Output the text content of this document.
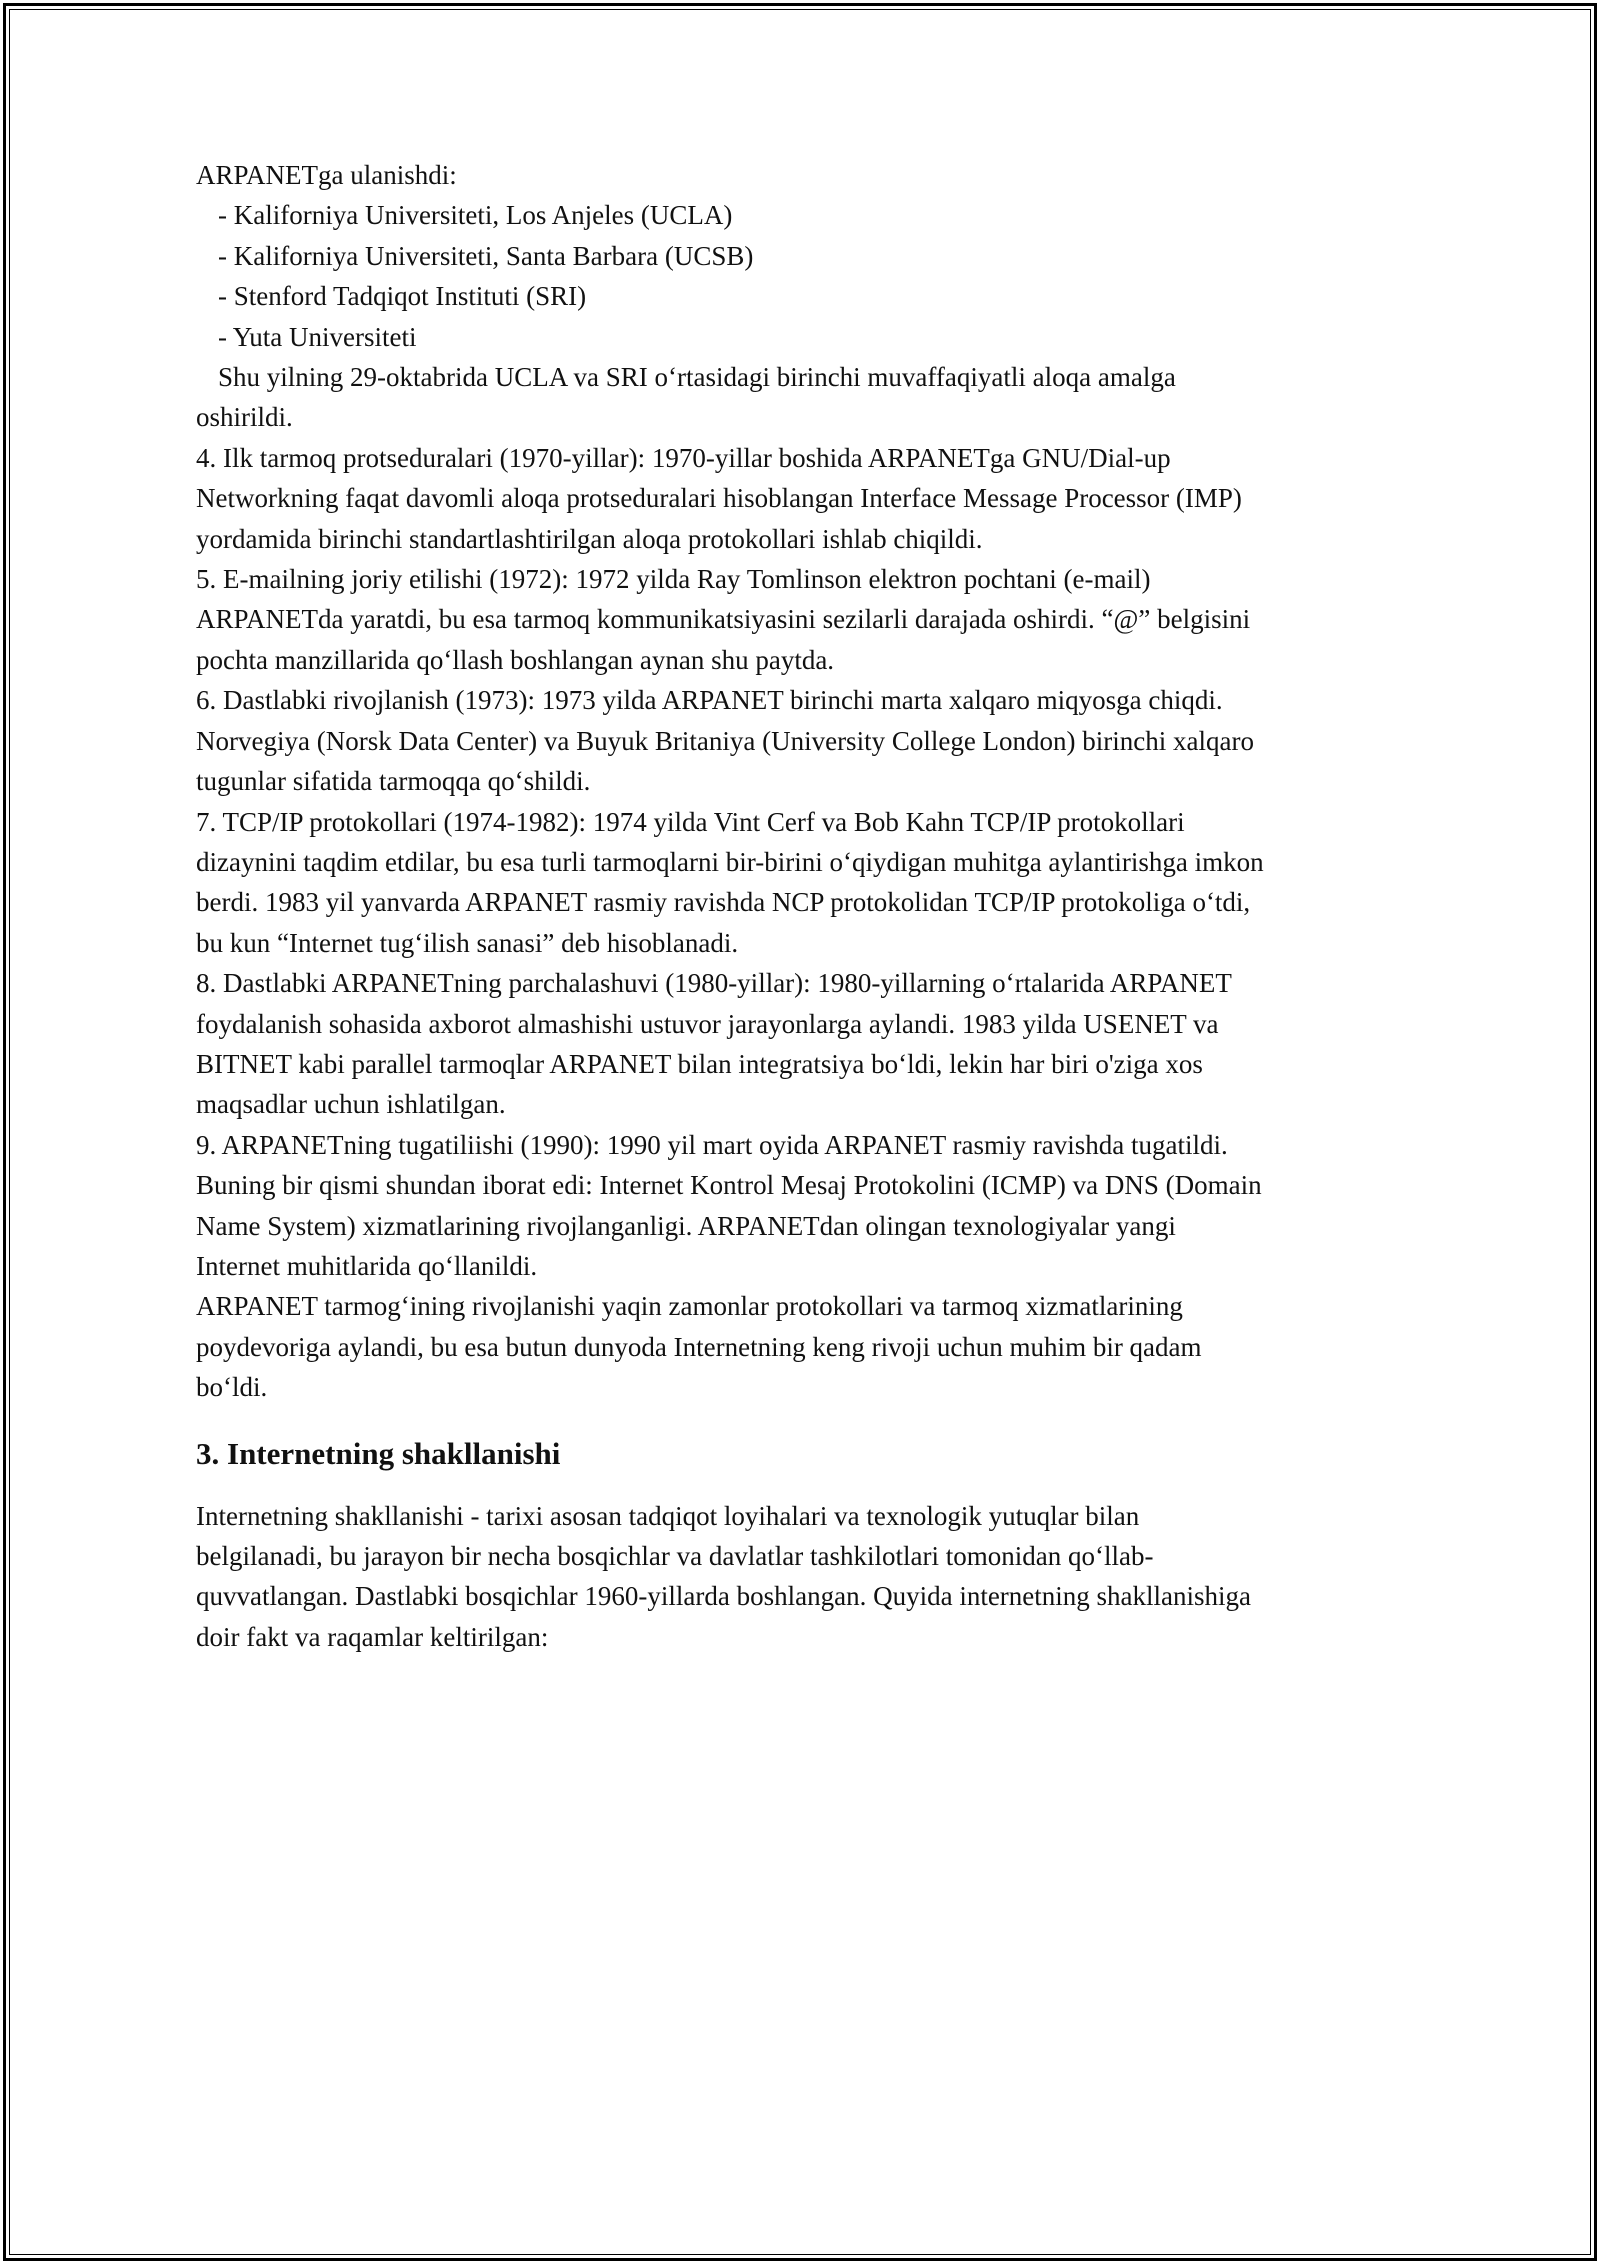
ARPANETga ulanishdi:

- Kaliforniya Universiteti, Los Anjeles (UCLA)

- Kaliforniya Universiteti, Santa Barbara (UCSB)

- Stenford Tadqiqot Instituti (SRI)

- Yuta Universiteti

Shu yilning 29-oktabrida UCLA va SRI o‘rtasidagi birinchi muvaffaqiyatli aloqa amalga

oshirildi.

4. Ilk tarmoq protseduralari (1970-yillar): 1970-yillar boshida ARPANETga GNU/Dial-up

Networkning faqat davomli aloqa protseduralari hisoblangan Interface Message Processor (IMP)

yordamida birinchi standartlashtirilgan aloqa protokollari ishlab chiqildi.

5. E-mailning joriy etilishi (1972): 1972 yilda Ray Tomlinson elektron pochtani (e-mail)

ARPANETda yaratdi, bu esa tarmoq kommunikatsiyasini sezilarli darajada oshirdi. “@” belgisini

pochta manzillarida qo‘llash boshlangan aynan shu paytda.

6. Dastlabki rivojlanish (1973): 1973 yilda ARPANET birinchi marta xalqaro miqyosga chiqdi.

Norvegiya (Norsk Data Center) va Buyuk Britaniya (University College London) birinchi xalqaro

tugunlar sifatida tarmoqqa qo‘shildi.

7. TCP/IP protokollari (1974-1982): 1974 yilda Vint Cerf va Bob Kahn TCP/IP protokollari

dizaynini taqdim etdilar, bu esa turli tarmoqlarni bir-birini o‘qiydigan muhitga aylantirishga imkon

berdi. 1983 yil yanvarda ARPANET rasmiy ravishda NCP protokolidan TCP/IP protokoliga o‘tdi,

bu kun “Internet tug‘ilish sanasi” deb hisoblanadi.

8. Dastlabki ARPANETning parchalashuvi (1980-yillar): 1980-yillarning o‘rtalarida ARPANET

foydalanish sohasida axborot almashishi ustuvor jarayonlarga aylandi. 1983 yilda USENET va

BITNET kabi parallel tarmoqlar ARPANET bilan integratsiya bo‘ldi, lekin har biri o'ziga xos

maqsadlar uchun ishlatilgan.

9. ARPANETning tugatiliishi (1990): 1990 yil mart oyida ARPANET rasmiy ravishda tugatildi.

Buning bir qismi shundan iborat edi: Internet Kontrol Mesaj Protokolini (ICMP) va DNS (Domain

Name System) xizmatlarining rivojlanganligi. ARPANETdan olingan texnologiyalar yangi

Internet muhitlarida qo‘llanildi.

ARPANET tarmog‘ining rivojlanishi yaqin zamonlar protokollari va tarmoq xizmatlarining

poydevoriga aylandi, bu esa butun dunyoda Internetning keng rivoji uchun muhim bir qadam

bo‘ldi.

3. Internetning shakllanishi

Internetning shakllanishi - tarixi asosan tadqiqot loyihalari va texnologik yutuqlar bilan

belgilanadi, bu jarayon bir necha bosqichlar va davlatlar tashkilotlari tomonidan qo‘llab-

quvvatlangan. Dastlabki bosqichlar 1960-yillarda boshlangan. Quyida internetning shakllanishiga

doir fakt va raqamlar keltirilgan:
